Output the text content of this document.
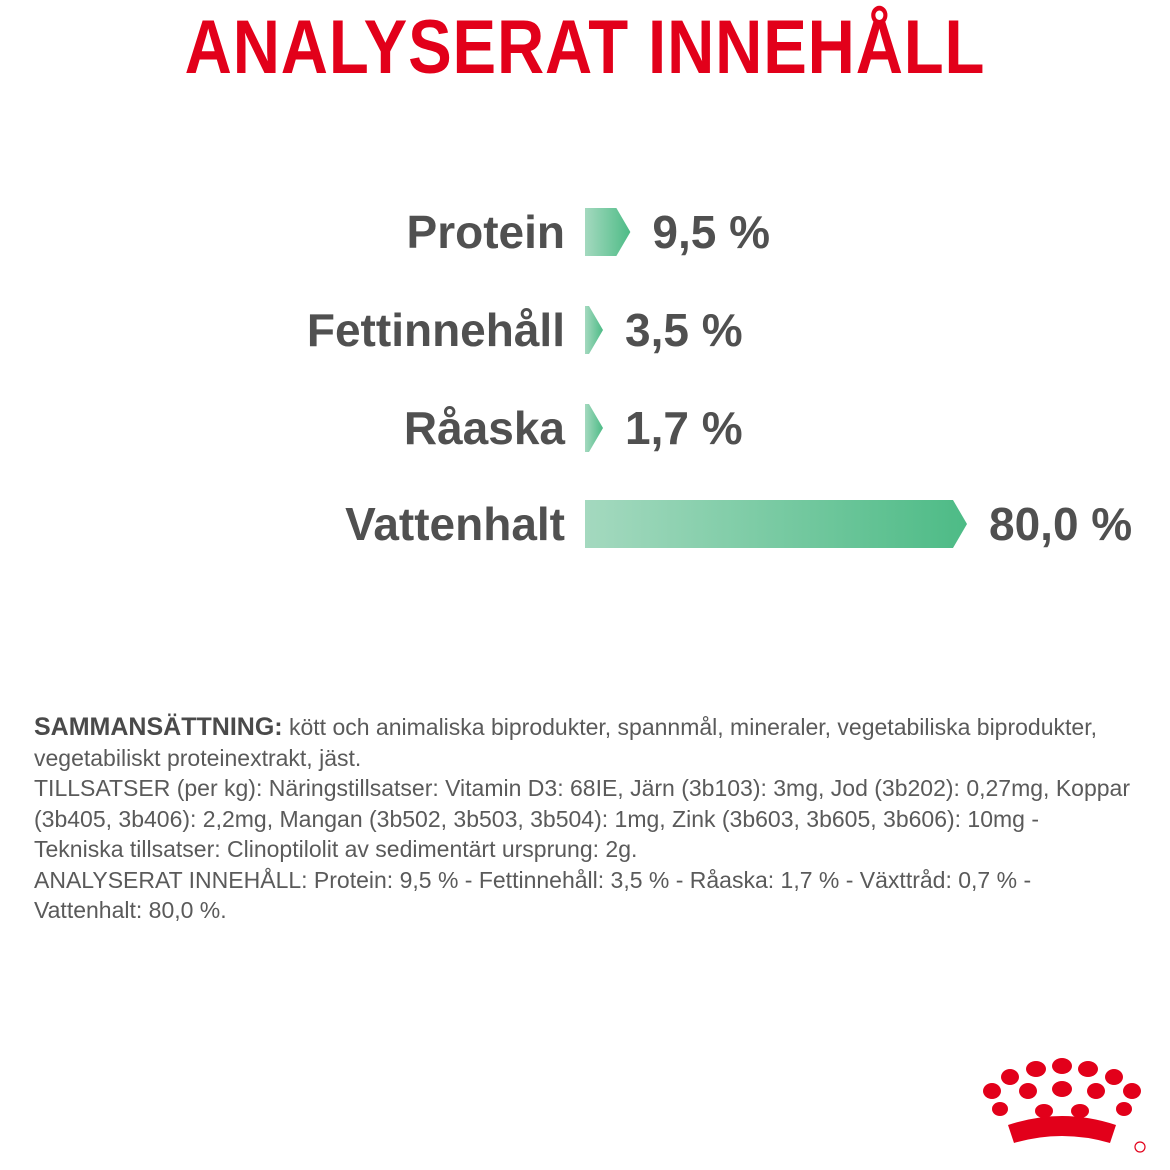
ANALYSERAT INNEHÅLL
Protein 9,5 %
Fettinnehåll 3,5 %
Råaska 1,7 %
Vattenhalt	80,0 %

SAMMANSÄTTNING: kött och animaliska biprodukter, spannmål, mineraler, vegetabiliska biprodukter, vegetabiliskt proteinextrakt, jäst.

TILLSATSER (per kg): Näringstillsatser: Vitamin D3: 68IE, Järn (3b103): 3mg, Jod (3b202): 0,27mg, Koppar (3b405, 3b406): 2,2mg, Mangan (3b502, 3b503, 3b504): 1mg, Zink (3b603, 3b605, 3b606): 10mg - Tekniska tillsatser: Clinoptilolit av sedimentärt ursprung: 2g.

ANALYSERAT INNEHÅLL: Protein: 9,5 % - Fettinnehåll: 3,5 % - Råaska: 1,7 % - Växttråd: 0,7 % - Vattenhalt: 80,0 %.
